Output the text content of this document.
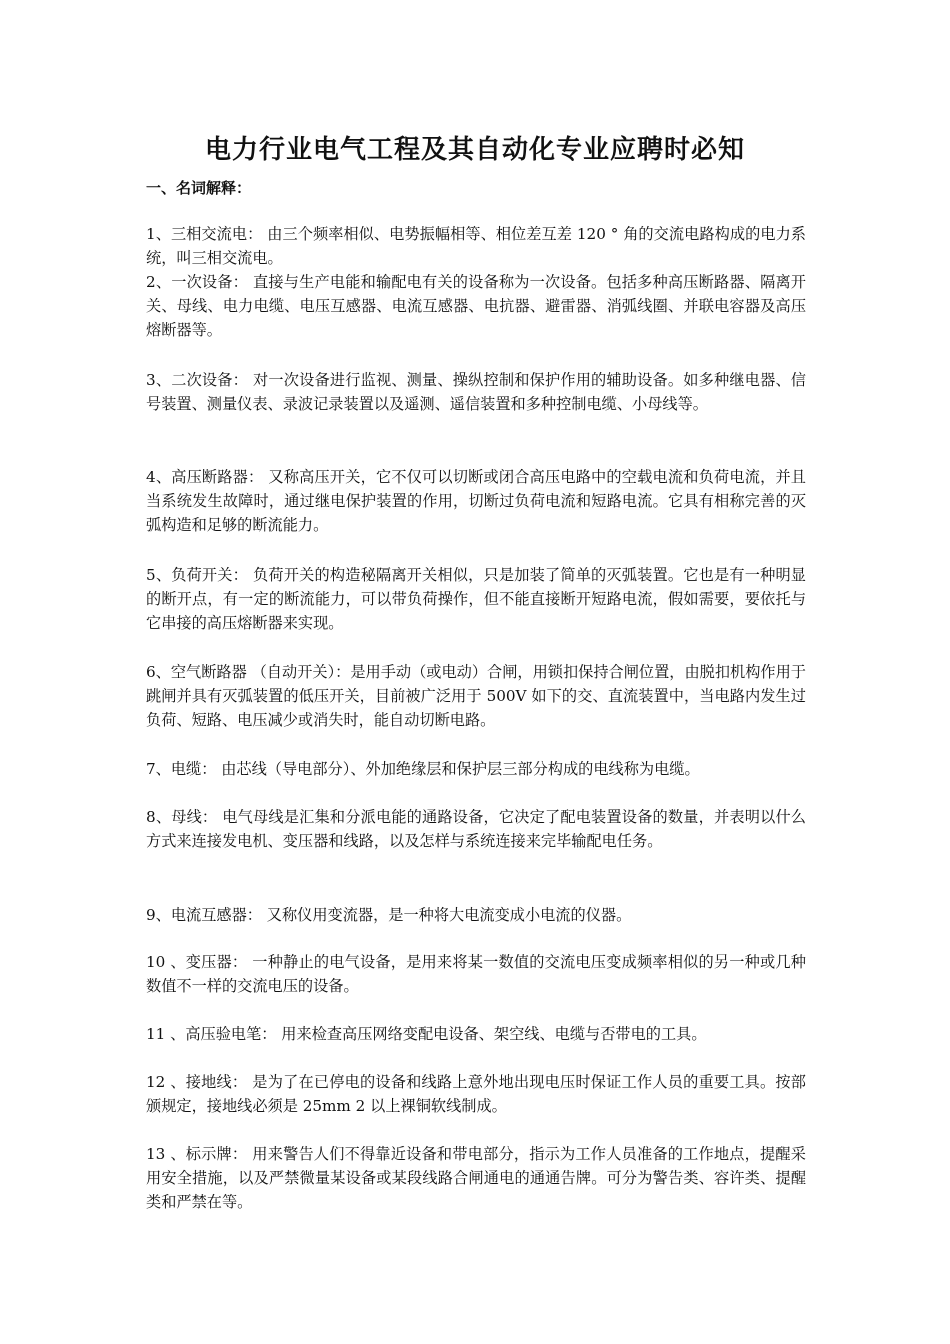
电力行业电气工程及其自动化专业应聘时必知

一、名词解释：

1、三相交流电： 由三个频率相似、电势振幅相等、相位差互差 120 ° 角的交流电路构成的电力系统，叫三相交流电。

2、一次设备： 直接与生产电能和输配电有关的设备称为一次设备。包括多种高压断路器、隔离开关、母线、电力电缆、电压互感器、电流互感器、电抗器、避雷器、消弧线圈、并联电容器及高压熔断器等。

3、二次设备： 对一次设备进行监视、测量、操纵控制和保护作用的辅助设备。如多种继电器、信号装置、测量仪表、录波记录装置以及遥测、遥信装置和多种控制电缆、小母线等。

4、高压断路器： 又称高压开关，它不仅可以切断或闭合高压电路中的空载电流和负荷电流，并且当系统发生故障时，通过继电保护装置的作用，切断过负荷电流和短路电流。它具有相称完善的灭弧构造和足够的断流能力。

5、负荷开关： 负荷开关的构造秘隔离开关相似，只是加装了简单的灭弧装置。它也是有一种明显的断开点，有一定的断流能力，可以带负荷操作，但不能直接断开短路电流，假如需要，要依托与它串接的高压熔断器来实现。

6、空气断路器 （自动开关）：是用手动（或电动）合闸，用锁扣保持合闸位置，由脱扣机构作用于跳闸并具有灭弧装置的低压开关，目前被广泛用于 500V 如下的交、直流装置中，当电路内发生过负荷、短路、电压减少或消失时，能自动切断电路。

7、电缆： 由芯线（导电部分）、外加绝缘层和保护层三部分构成的电线称为电缆。

8、母线： 电气母线是汇集和分派电能的通路设备，它决定了配电装置设备的数量，并表明以什么方式来连接发电机、变压器和线路，以及怎样与系统连接来完毕输配电任务。

9、电流互感器： 又称仪用变流器，是一种将大电流变成小电流的仪器。

10 、变压器： 一种静止的电气设备，是用来将某一数值的交流电压变成频率相似的另一种或几种数值不一样的交流电压的设备。

11 、高压验电笔： 用来检查高压网络变配电设备、架空线、电缆与否带电的工具。

12 、接地线： 是为了在已停电的设备和线路上意外地出现电压时保证工作人员的重要工具。按部颁规定，接地线必须是 25mm 2 以上裸铜软线制成。

13 、标示牌： 用来警告人们不得靠近设备和带电部分，指示为工作人员准备的工作地点，提醒采用安全措施，以及严禁微量某设备或某段线路合闸通电的通通告牌。可分为警告类、容许类、提醒类和严禁在等。
